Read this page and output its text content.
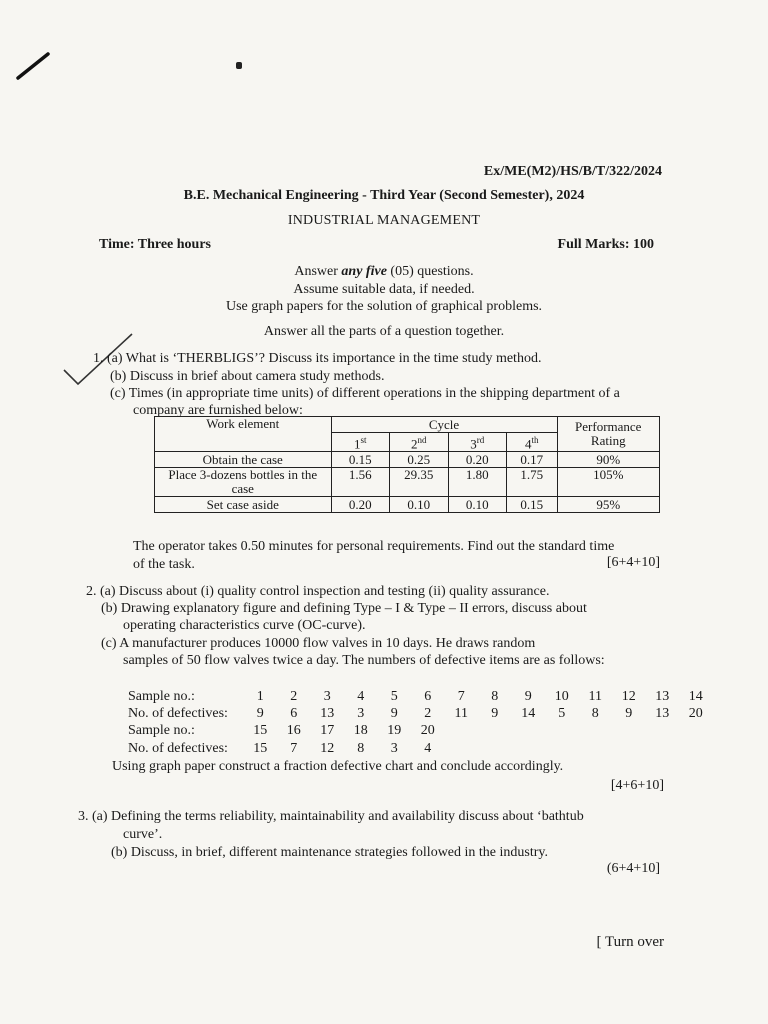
Ex/ME(M2)/HS/B/T/322/2024
B.E. Mechanical Engineering - Third Year (Second Semester), 2024
INDUSTRIAL MANAGEMENT
Time: Three hours	Full Marks: 100
Answer any five (05) questions.
Assume suitable data, if needed.
Use graph papers for the solution of graphical problems.
Answer all the parts of a question together.
1. (a) What is ‘THERBLIGS’? Discuss its importance in the time study method.
(b) Discuss in brief about camera study methods.
(c) Times (in appropriate time units) of different operations in the shipping department of a
company are furnished below:
Work element	Cycle				Performance Rating
	1st	2nd	3rd	4th
Obtain the case	0.15	0.25	0.20	0.17	90%
Place 3-dozens bottles in the case	1.56	29.35	1.80	1.75	105%
Set case aside	0.20	0.10	0.10	0.15	95%
The operator takes 0.50 minutes for personal requirements. Find out the standard time
of the task.	[6+4+10]
2. (a) Discuss about (i) quality control inspection and testing (ii) quality assurance.
(b) Drawing explanatory figure and defining Type – I & Type – II errors, discuss about
operating characteristics curve (OC-curve).
(c) A manufacturer produces 10000 flow valves in 10 days. He draws random
samples of 50 flow valves twice a day. The numbers of defective items are as follows:
Sample no.:	1 2 3 4 5 6 7 8 9 10 11 12 13 14
No. of defectives: 9 6 13 3 9 2 11 9 14 5 8 9 13 20
Sample no.:	15 16 17 18 19 20
No. of defectives: 15 7 12 8 3 4
Using graph paper construct a fraction defective chart and conclude accordingly.
[4+6+10]
3. (a) Defining the terms reliability, maintainability and availability discuss about ‘bathtub
curve’.
(b) Discuss, in brief, different maintenance strategies followed in the industry.
(6+4+10]
[ Turn over
